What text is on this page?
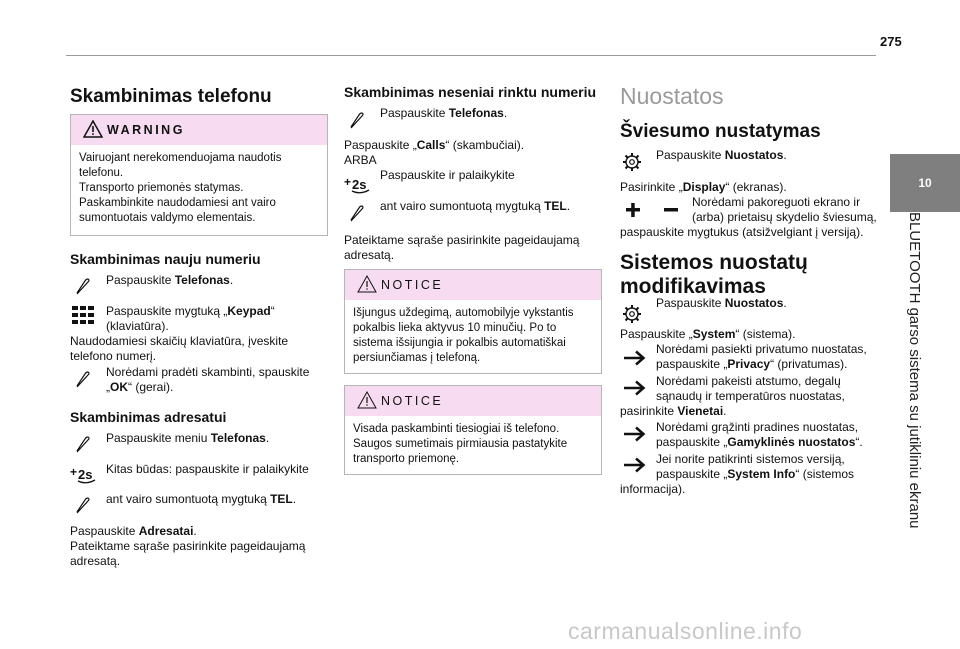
275
10
BLUETOOTH garso sistema su jutikliniu ekranu
Skambinimas telefonu
WARNING
Vairuojant nerekomenduojama naudotis
telefonu.
Transporto priemonės statymas.
Paskambinkite naudodamiesi ant vairo
sumontuotais valdymo elementais.
Skambinimas nauju numeriu
Paspauskite Telefonas.
Paspauskite mygtuką „Keypad“
(klaviatūra).
Naudodamiesi skaičių klaviatūra, įveskite
telefono numerį.
Norėdami pradėti skambinti, spauskite
„OK“ (gerai).
Skambinimas adresatui
Paspauskite meniu Telefonas.
+ 2s Kitas būdas: paspauskite ir palaikykite
ant vairo sumontuotą mygtuką TEL.
Paspauskite Adresatai.
Pateiktame sąraše pasirinkite pageidaujamą
adresatą.
Skambinimas neseniai rinktu numeriu
Paspauskite Telefonas.
Paspauskite „Calls“ (skambučiai).
ARBA
+ 2s
Paspauskite ir palaikykite
ant vairo sumontuotą mygtuką TEL.
Pateiktame sąraše pasirinkite pageidaujamą
adresatą.
NOTICE
Išjungus uždegimą, automobilyje vykstantis
pokalbis lieka aktyvus 10 minučių. Po to
sistema išsijungia ir pokalbis automatiškai
persiunčiamas į telefoną.
NOTICE
Visada paskambinti tiesiogiai iš telefono.
Saugos sumetimais pirmiausia pastatykite
transporto priemonę.
Nuostatos
Šviesumo nustatymas
Paspauskite Nuostatos.
Pasirinkite „Display“ (ekranas).
Norėdami pakoreguoti ekrano ir
(arba) prietaisų skydelio šviesumą,
paspauskite mygtukus (atsižvelgiant į versiją).
Sistemos nuostatų
modifikavimas
Paspauskite Nuostatos.
Paspauskite „System“ (sistema).
Norėdami pasiekti privatumo nuostatas,
paspauskite „Privacy“ (privatumas).
Norėdami pakeisti atstumo, degalų
sąnaudų ir temperatūros nuostatas,
pasirinkite Vienetai.
Norėdami grąžinti pradines nuostatas,
paspauskite „Gamyklinės nuostatos“.
Jei norite patikrinti sistemos versiją,
paspauskite „System Info“ (sistemos
informacija).
carmanualsonline.info
